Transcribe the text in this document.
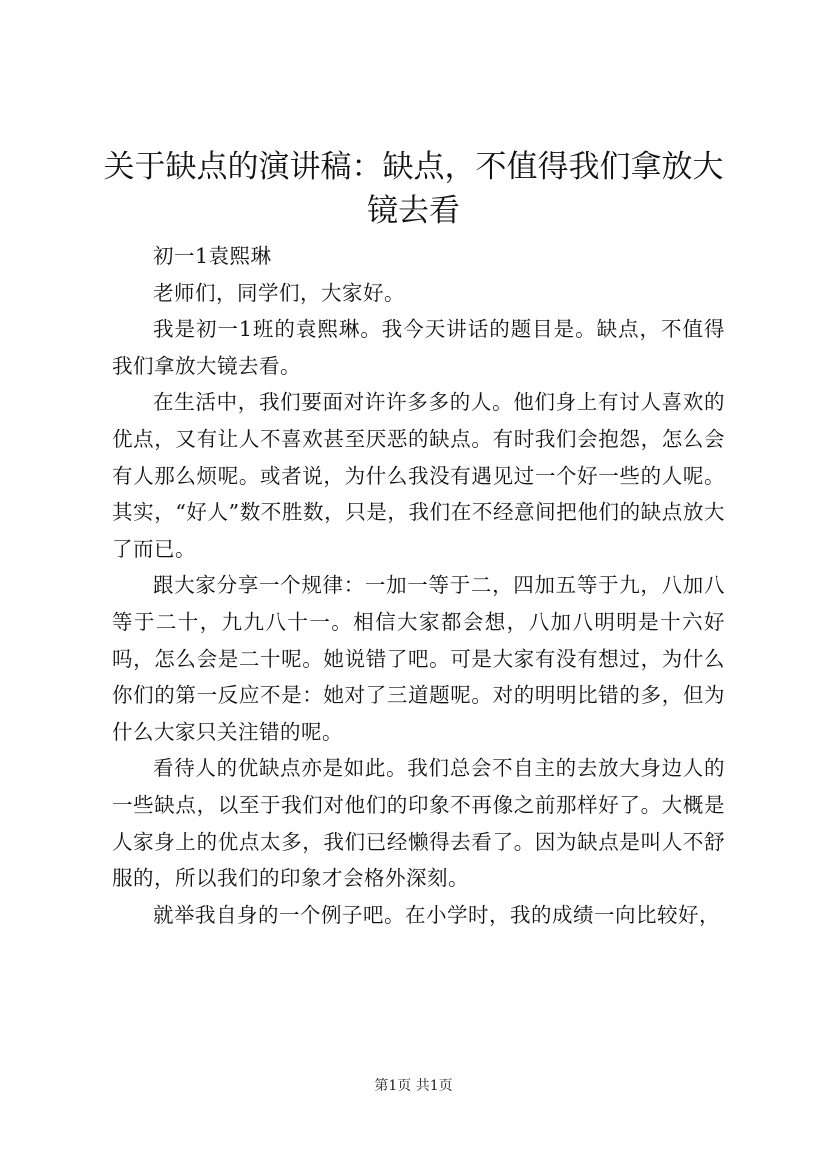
关于缺点的演讲稿：缺点，不值得我们拿放大镜去看

初一1袁熙琳

老师们，同学们，大家好。

我是初一1班的袁熙琳。我今天讲话的题目是。缺点，不值得我们拿放大镜去看。

在生活中，我们要面对许许多多的人。他们身上有讨人喜欢的优点，又有让人不喜欢甚至厌恶的缺点。有时我们会抱怨，怎么会有人那么烦呢。或者说，为什么我没有遇见过一个好一些的人呢。其实，“好人”数不胜数，只是，我们在不经意间把他们的缺点放大了而已。

跟大家分享一个规律：一加一等于二，四加五等于九，八加八等于二十，九九八十一。相信大家都会想，八加八明明是十六好吗，怎么会是二十呢。她说错了吧。可是大家有没有想过，为什么你们的第一反应不是：她对了三道题呢。对的明明比错的多，但为什么大家只关注错的呢。

看待人的优缺点亦是如此。我们总会不自主的去放大身边人的一些缺点，以至于我们对他们的印象不再像之前那样好了。大概是人家身上的优点太多，我们已经懒得去看了。因为缺点是叫人不舒服的，所以我们的印象才会格外深刻。

就举我自身的一个例子吧。在小学时，我的成绩一向比较好，

第1页 共1页
